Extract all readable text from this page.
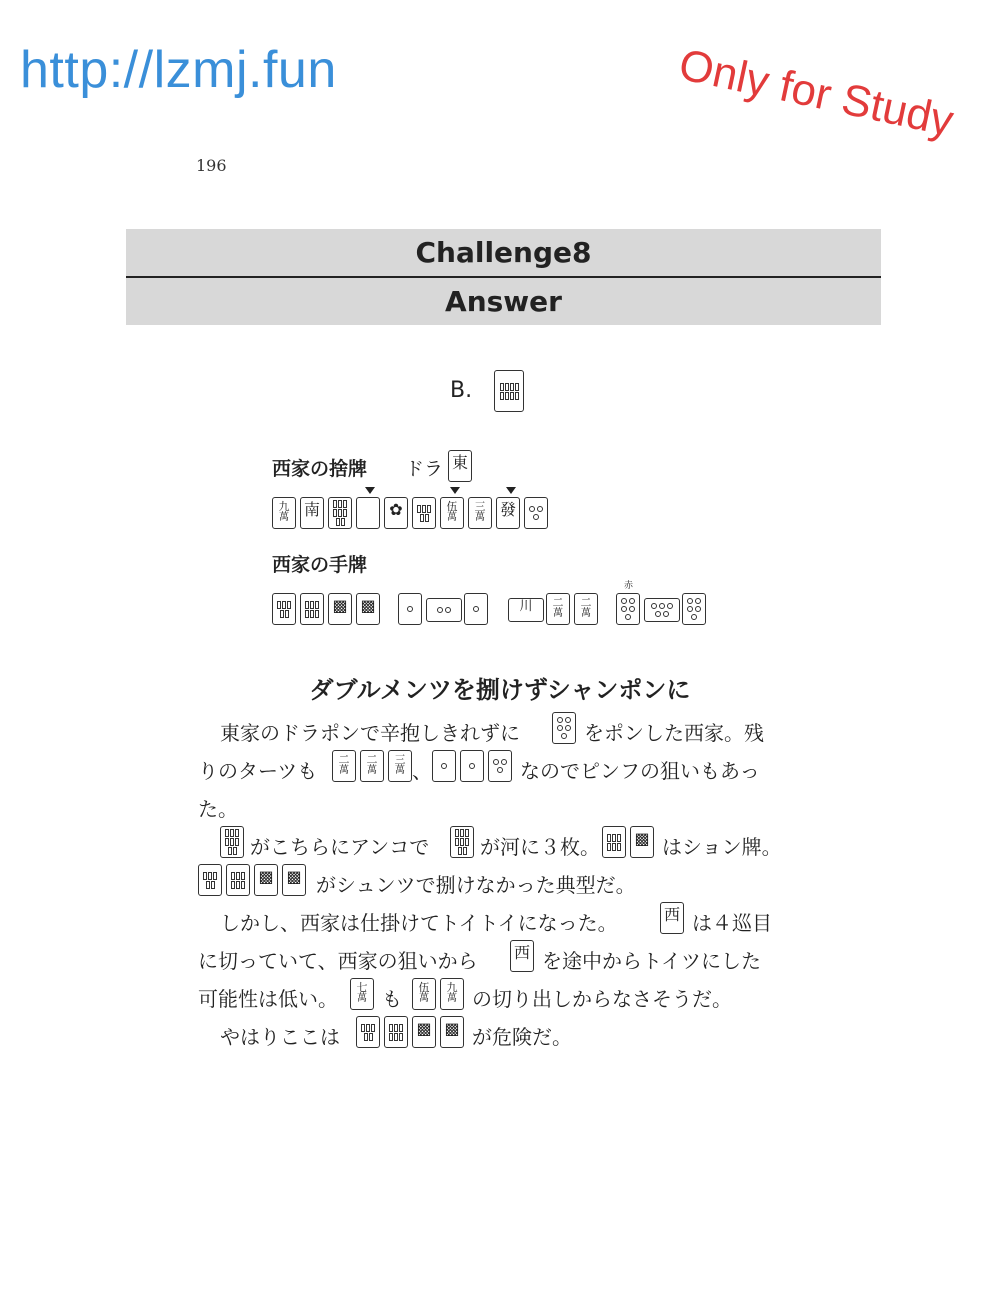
http://lzmj.fun	Only for Study
196
Challenge8
Answer
B.
西家の捨牌 ドラ 東
九
萬 南	✿	伍
萬
三
萬 發
西家の手牌
▩ ▩	川	二
萬
二
萬
赤
ダブルメンツを捌けずシャンポンに
東家のドラポンで辛抱しきれずに	をポンした西家。残
りのターツも	二
萬
二
萬
三
萬 、	なのでピンフの狙いもあっ
た。
がこちらにアンコで	が河に３枚。 ▩ はション牌。
▩ ▩ がシュンツで捌けなかった典型だ。
しかし、西家は仕掛けてトイトイになった。	西 は４巡目
に切っていて、西家の狙いから 西 を途中からトイツにした
可能性は低い。	七
萬 も	伍
萬
九
萬 の切り出しからなさそうだ。
やはりここは	▩ ▩ が危険だ。
